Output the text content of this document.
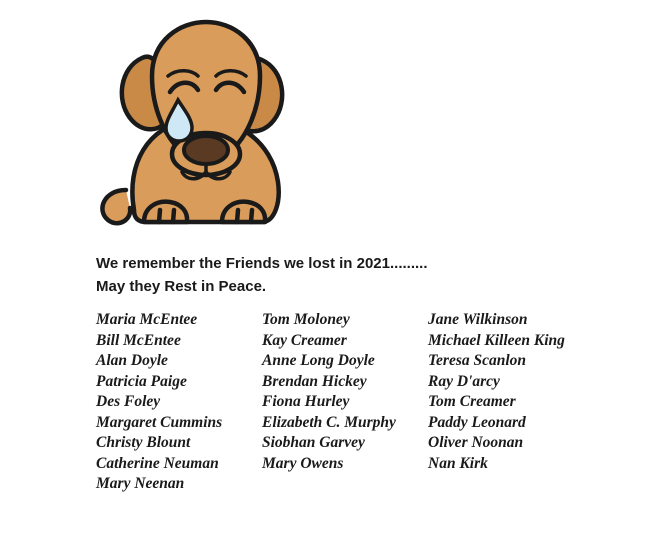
We remember the Friends we lost in 2021.........
May they Rest in Peace.
Maria McEntee
Bill McEntee
Alan Doyle
Patricia Paige
Des Foley
Margaret Cummins
Christy Blount
Catherine Neuman
Mary Neenan
Tom Moloney
Kay Creamer
Anne Long Doyle
Brendan Hickey
Fiona Hurley
Elizabeth C. Murphy
Siobhan Garvey
Mary Owens
Jane Wilkinson
Michael Killeen King
Teresa Scanlon
Ray D'arcy
Tom Creamer
Paddy Leonard
Oliver Noonan
Nan Kirk
